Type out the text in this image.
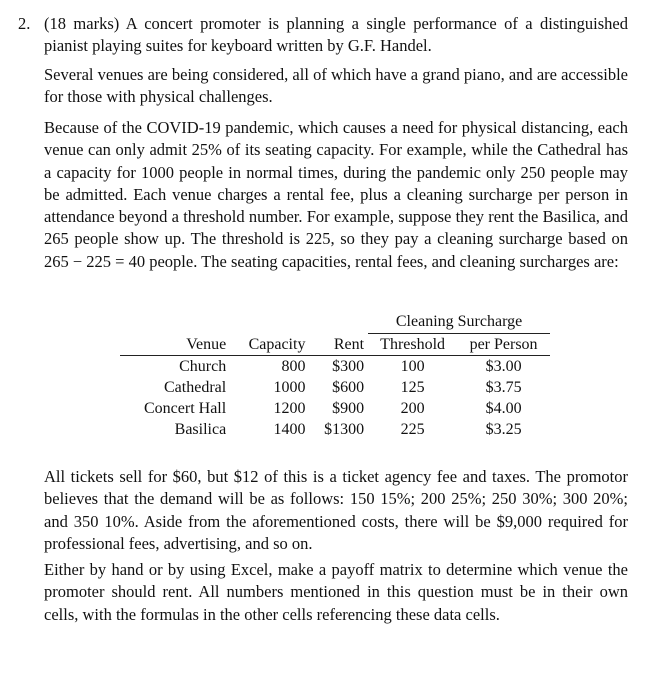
2. (18 marks) A concert promoter is planning a single performance of a distinguished pianist playing suites for keyboard written by G.F. Handel.

Several venues are being considered, all of which have a grand piano, and are accessible for those with physical challenges.

Because of the COVID-19 pandemic, which causes a need for physical distancing, each venue can only admit 25% of its seating capacity. For example, while the Cathedral has a capacity for 1000 people in normal times, during the pandemic only 250 people may be admitted. Each venue charges a rental fee, plus a cleaning surcharge per person in attendance beyond a threshold number. For example, suppose they rent the Basilica, and 265 people show up. The threshold is 225, so they pay a cleaning surcharge based on 265 − 225 = 40 people. The seating capacities, rental fees, and cleaning surcharges are:

			Cleaning Surcharge	
Venue	Capacity	Rent	Threshold	per Person
Church	800	$300	100	$3.00
Cathedral	1000	$600	125	$3.75
Concert Hall	1200	$900	200	$4.00
Basilica	1400	$1300	225	$3.25

All tickets sell for $60, but $12 of this is a ticket agency fee and taxes. The promotor believes that the demand will be as follows: 150 15%; 200 25%; 250 30%; 300 20%; and 350 10%. Aside from the aforementioned costs, there will be $9,000 required for professional fees, advertising, and so on.

Either by hand or by using Excel, make a payoff matrix to determine which venue the promoter should rent. All numbers mentioned in this question must be in their own cells, with the formulas in the other cells referencing these data cells.
